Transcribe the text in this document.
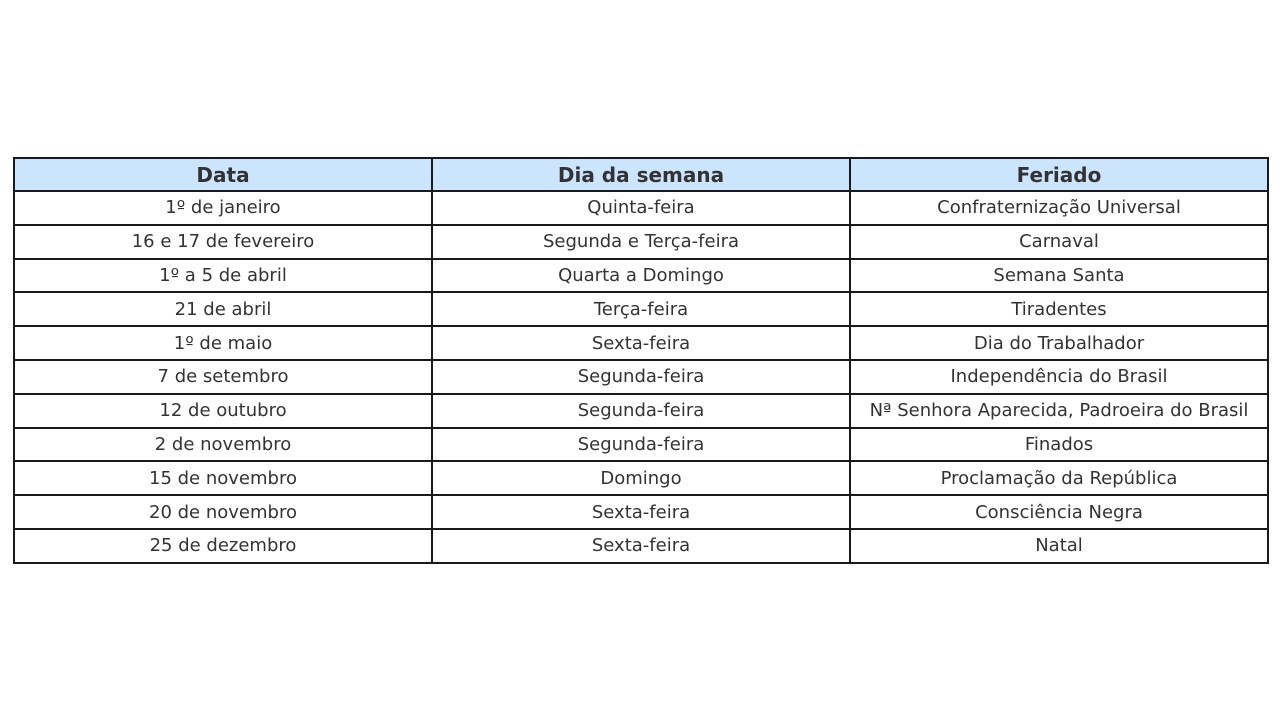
Data	Dia da semana	Feriado
1º de janeiro	Quinta-feira	Confraternização Universal
16 e 17 de fevereiro	Segunda e Terça-feira	Carnaval
1º a 5 de abril	Quarta a Domingo	Semana Santa
21 de abril	Terça-feira	Tiradentes
1º de maio	Sexta-feira	Dia do Trabalhador
7 de setembro	Segunda-feira	Independência do Brasil
12 de outubro	Segunda-feira	Nª Senhora Aparecida, Padroeira do Brasil
2 de novembro	Segunda-feira	Finados
15 de novembro	Domingo	Proclamação da República
20 de novembro	Sexta-feira	Consciência Negra
25 de dezembro	Sexta-feira	Natal
